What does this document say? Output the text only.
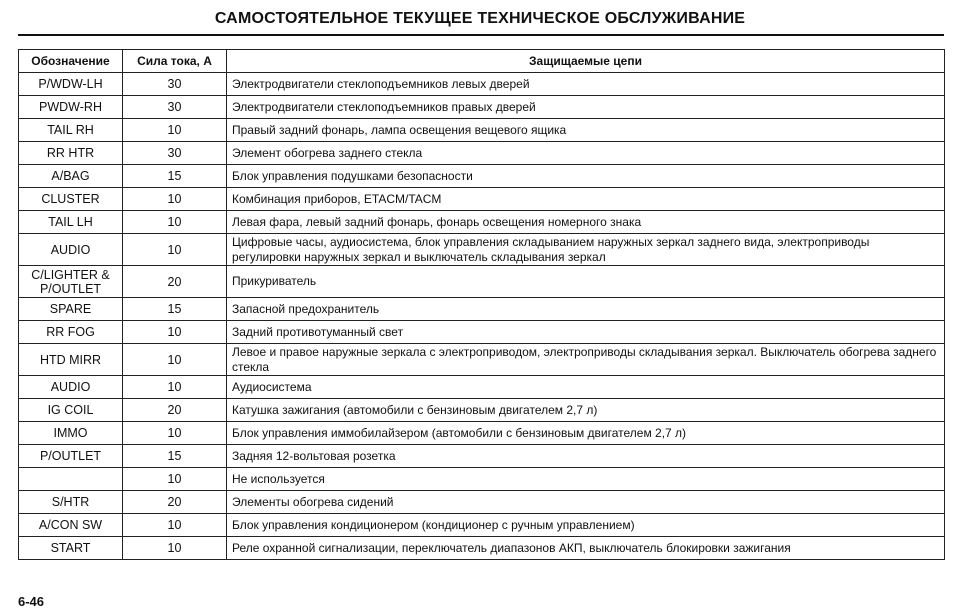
САМОСТОЯТЕЛЬНОЕ ТЕКУЩЕЕ ТЕХНИЧЕСКОЕ ОБСЛУЖИВАНИЕ
Обозначение	Сила тока, А	Защищаемые цепи
P/WDW-LH	30	Электродвигатели стеклоподъемников левых дверей
PWDW-RH	30	Электродвигатели стеклоподъемников правых дверей
TAIL RH	10	Правый задний фонарь, лампа освещения вещевого ящика
RR HTR	30	Элемент обогрева заднего стекла
A/BAG	15	Блок управления подушками безопасности
CLUSTER	10	Комбинация приборов, ETACM/TACM
TAIL LH	10	Левая фара, левый задний фонарь, фонарь освещения номерного знака
AUDIO	10	Цифровые часы, аудиосистема, блок управления складыванием наружных зеркал заднего вида, электроприводы регулировки наружных зеркал и выключатель складывания зеркал
C/LIGHTER & P/OUTLET	20	Прикуриватель
SPARE	15	Запасной предохранитель
RR FOG	10	Задний противотуманный свет
HTD MIRR	10	Левое и правое наружные зеркала с электроприводом, электроприводы складывания зеркал. Выключатель обогрева заднего стекла
AUDIO	10	Аудиосистема
IG COIL	20	Катушка зажигания (автомобили с бензиновым двигателем 2,7 л)
IMMO	10	Блок управления иммобилайзером (автомобили с бензиновым двигателем 2,7 л)
P/OUTLET	15	Задняя 12-вольтовая розетка
	10	Не используется
S/HTR	20	Элементы обогрева сидений
A/CON SW	10	Блок управления кондиционером (кондиционер с ручным управлением)
START	10	Реле охранной сигнализации, переключатель диапазонов АКП, выключатель блокировки зажигания
6-46
